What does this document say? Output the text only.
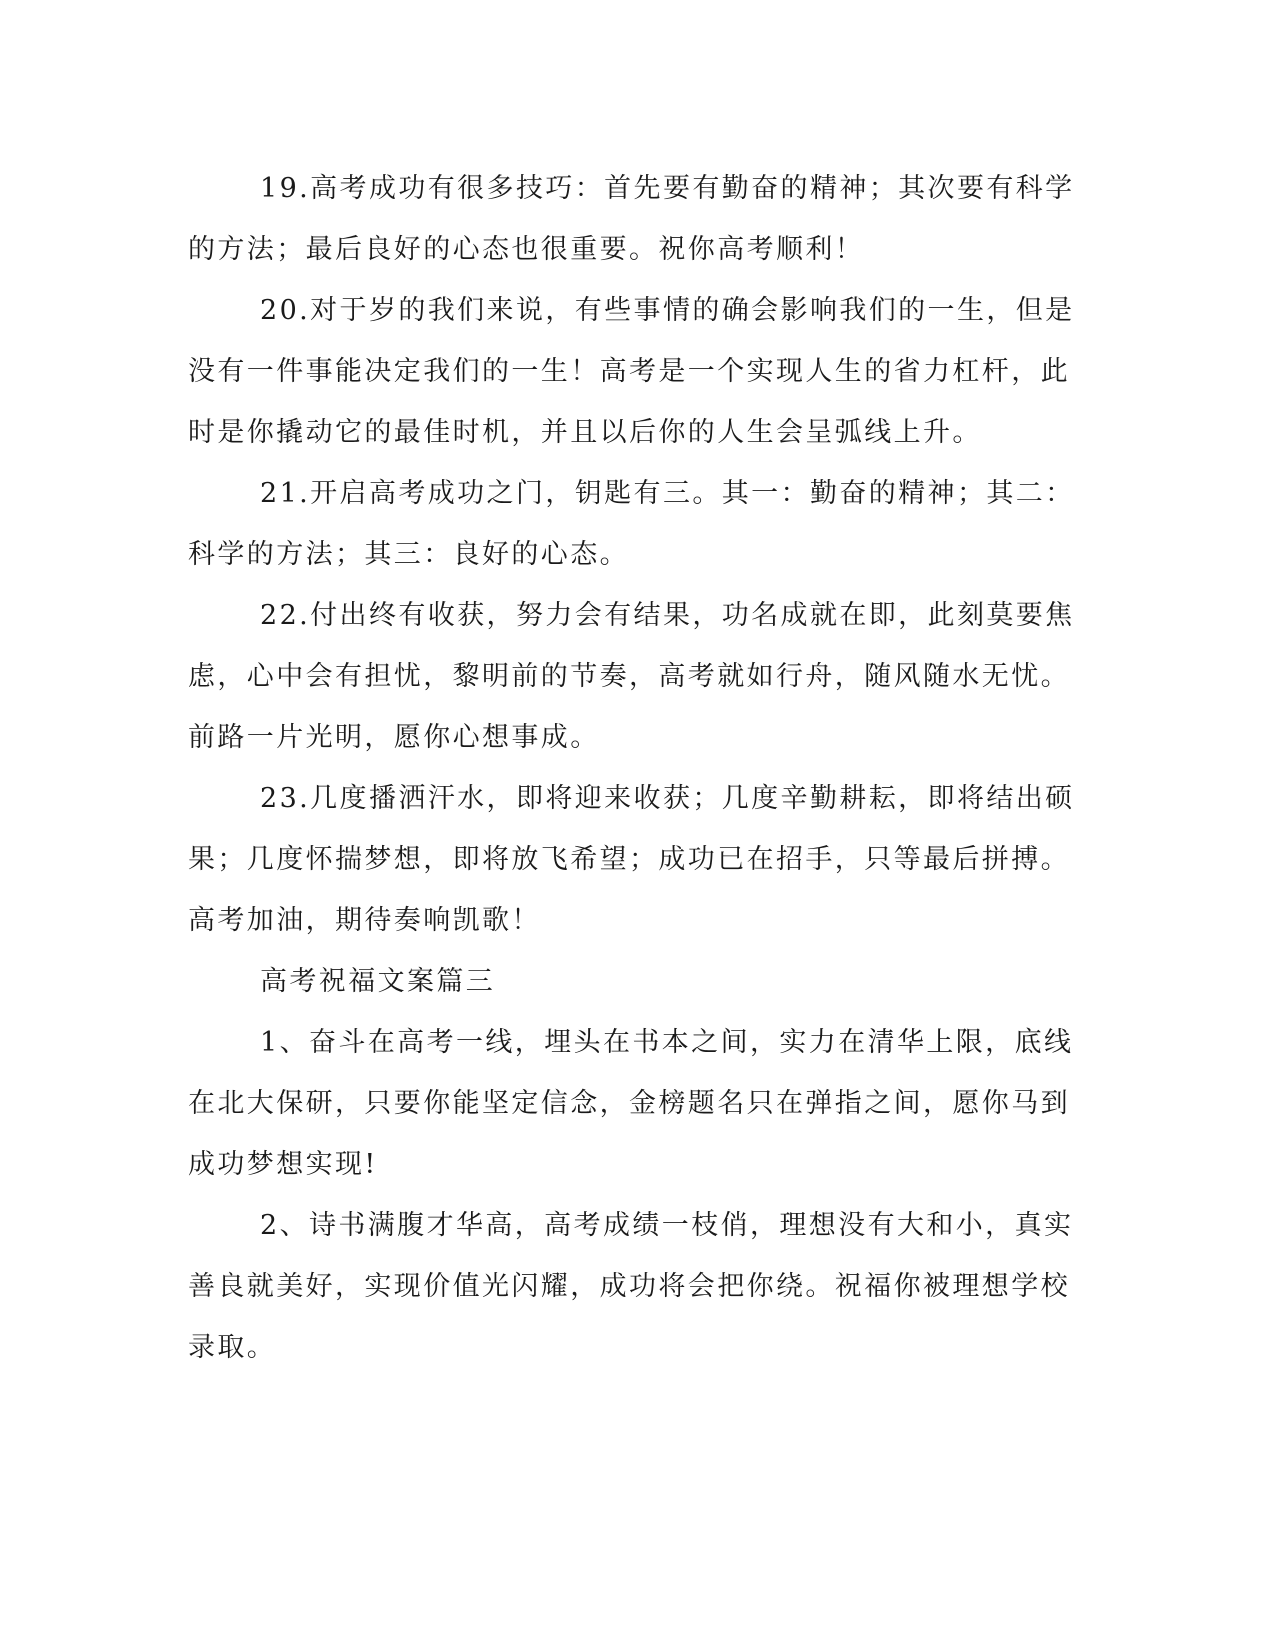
19.高考成功有很多技巧：首先要有勤奋的精神；其次要有科学的方法；最后良好的心态也很重要。祝你高考顺利！

20.对于岁的我们来说，有些事情的确会影响我们的一生，但是没有一件事能决定我们的一生！高考是一个实现人生的省力杠杆，此时是你撬动它的最佳时机，并且以后你的人生会呈弧线上升。

21.开启高考成功之门，钥匙有三。其一：勤奋的精神；其二：科学的方法；其三：良好的心态。

22.付出终有收获，努力会有结果，功名成就在即，此刻莫要焦虑，心中会有担忧，黎明前的节奏，高考就如行舟，随风随水无忧。前路一片光明，愿你心想事成。

23.几度播洒汗水，即将迎来收获；几度辛勤耕耘，即将结出硕果；几度怀揣梦想，即将放飞希望；成功已在招手，只等最后拼搏。高考加油，期待奏响凯歌！

高考祝福文案篇三

1、奋斗在高考一线，埋头在书本之间，实力在清华上限，底线在北大保研，只要你能坚定信念，金榜题名只在弹指之间，愿你马到成功梦想实现!

2、诗书满腹才华高，高考成绩一枝俏，理想没有大和小，真实善良就美好，实现价值光闪耀，成功将会把你绕。祝福你被理想学校录取。
